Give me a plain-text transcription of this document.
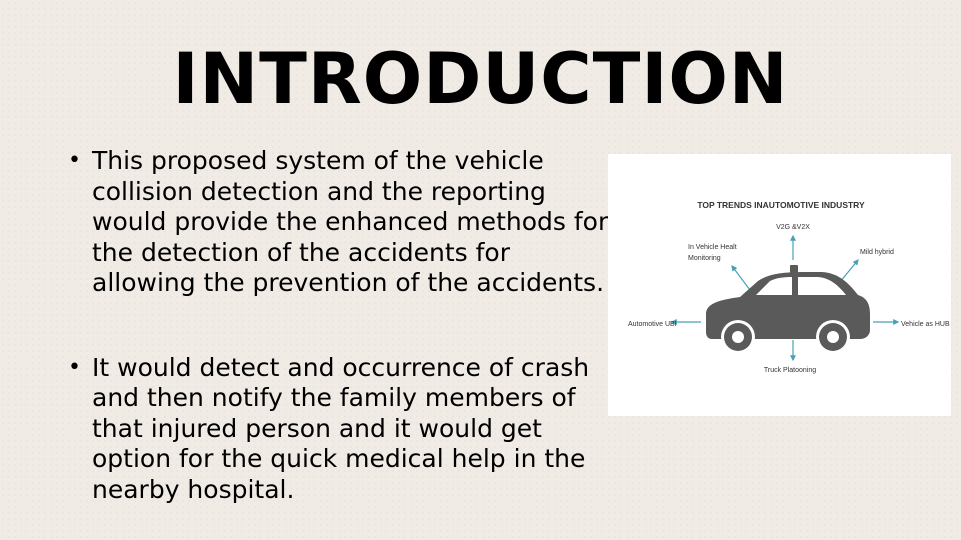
INTRODUCTION
• This proposed system of the vehicle collision detection and the reporting would provide the enhanced methods for the detection of the accidents for allowing the prevention of the accidents.
• It would detect and occurrence of crash and then notify the family members of that injured person and it would get option for the quick medical help in the nearby hospital.
TOP TRENDS INAUTOMOTIVE INDUSTRY
V2G &V2X
In Vehicle Healt
Monitoring
Mild hybrid
Automotive UBI	Vehicle as HUB
Truck Platooning
